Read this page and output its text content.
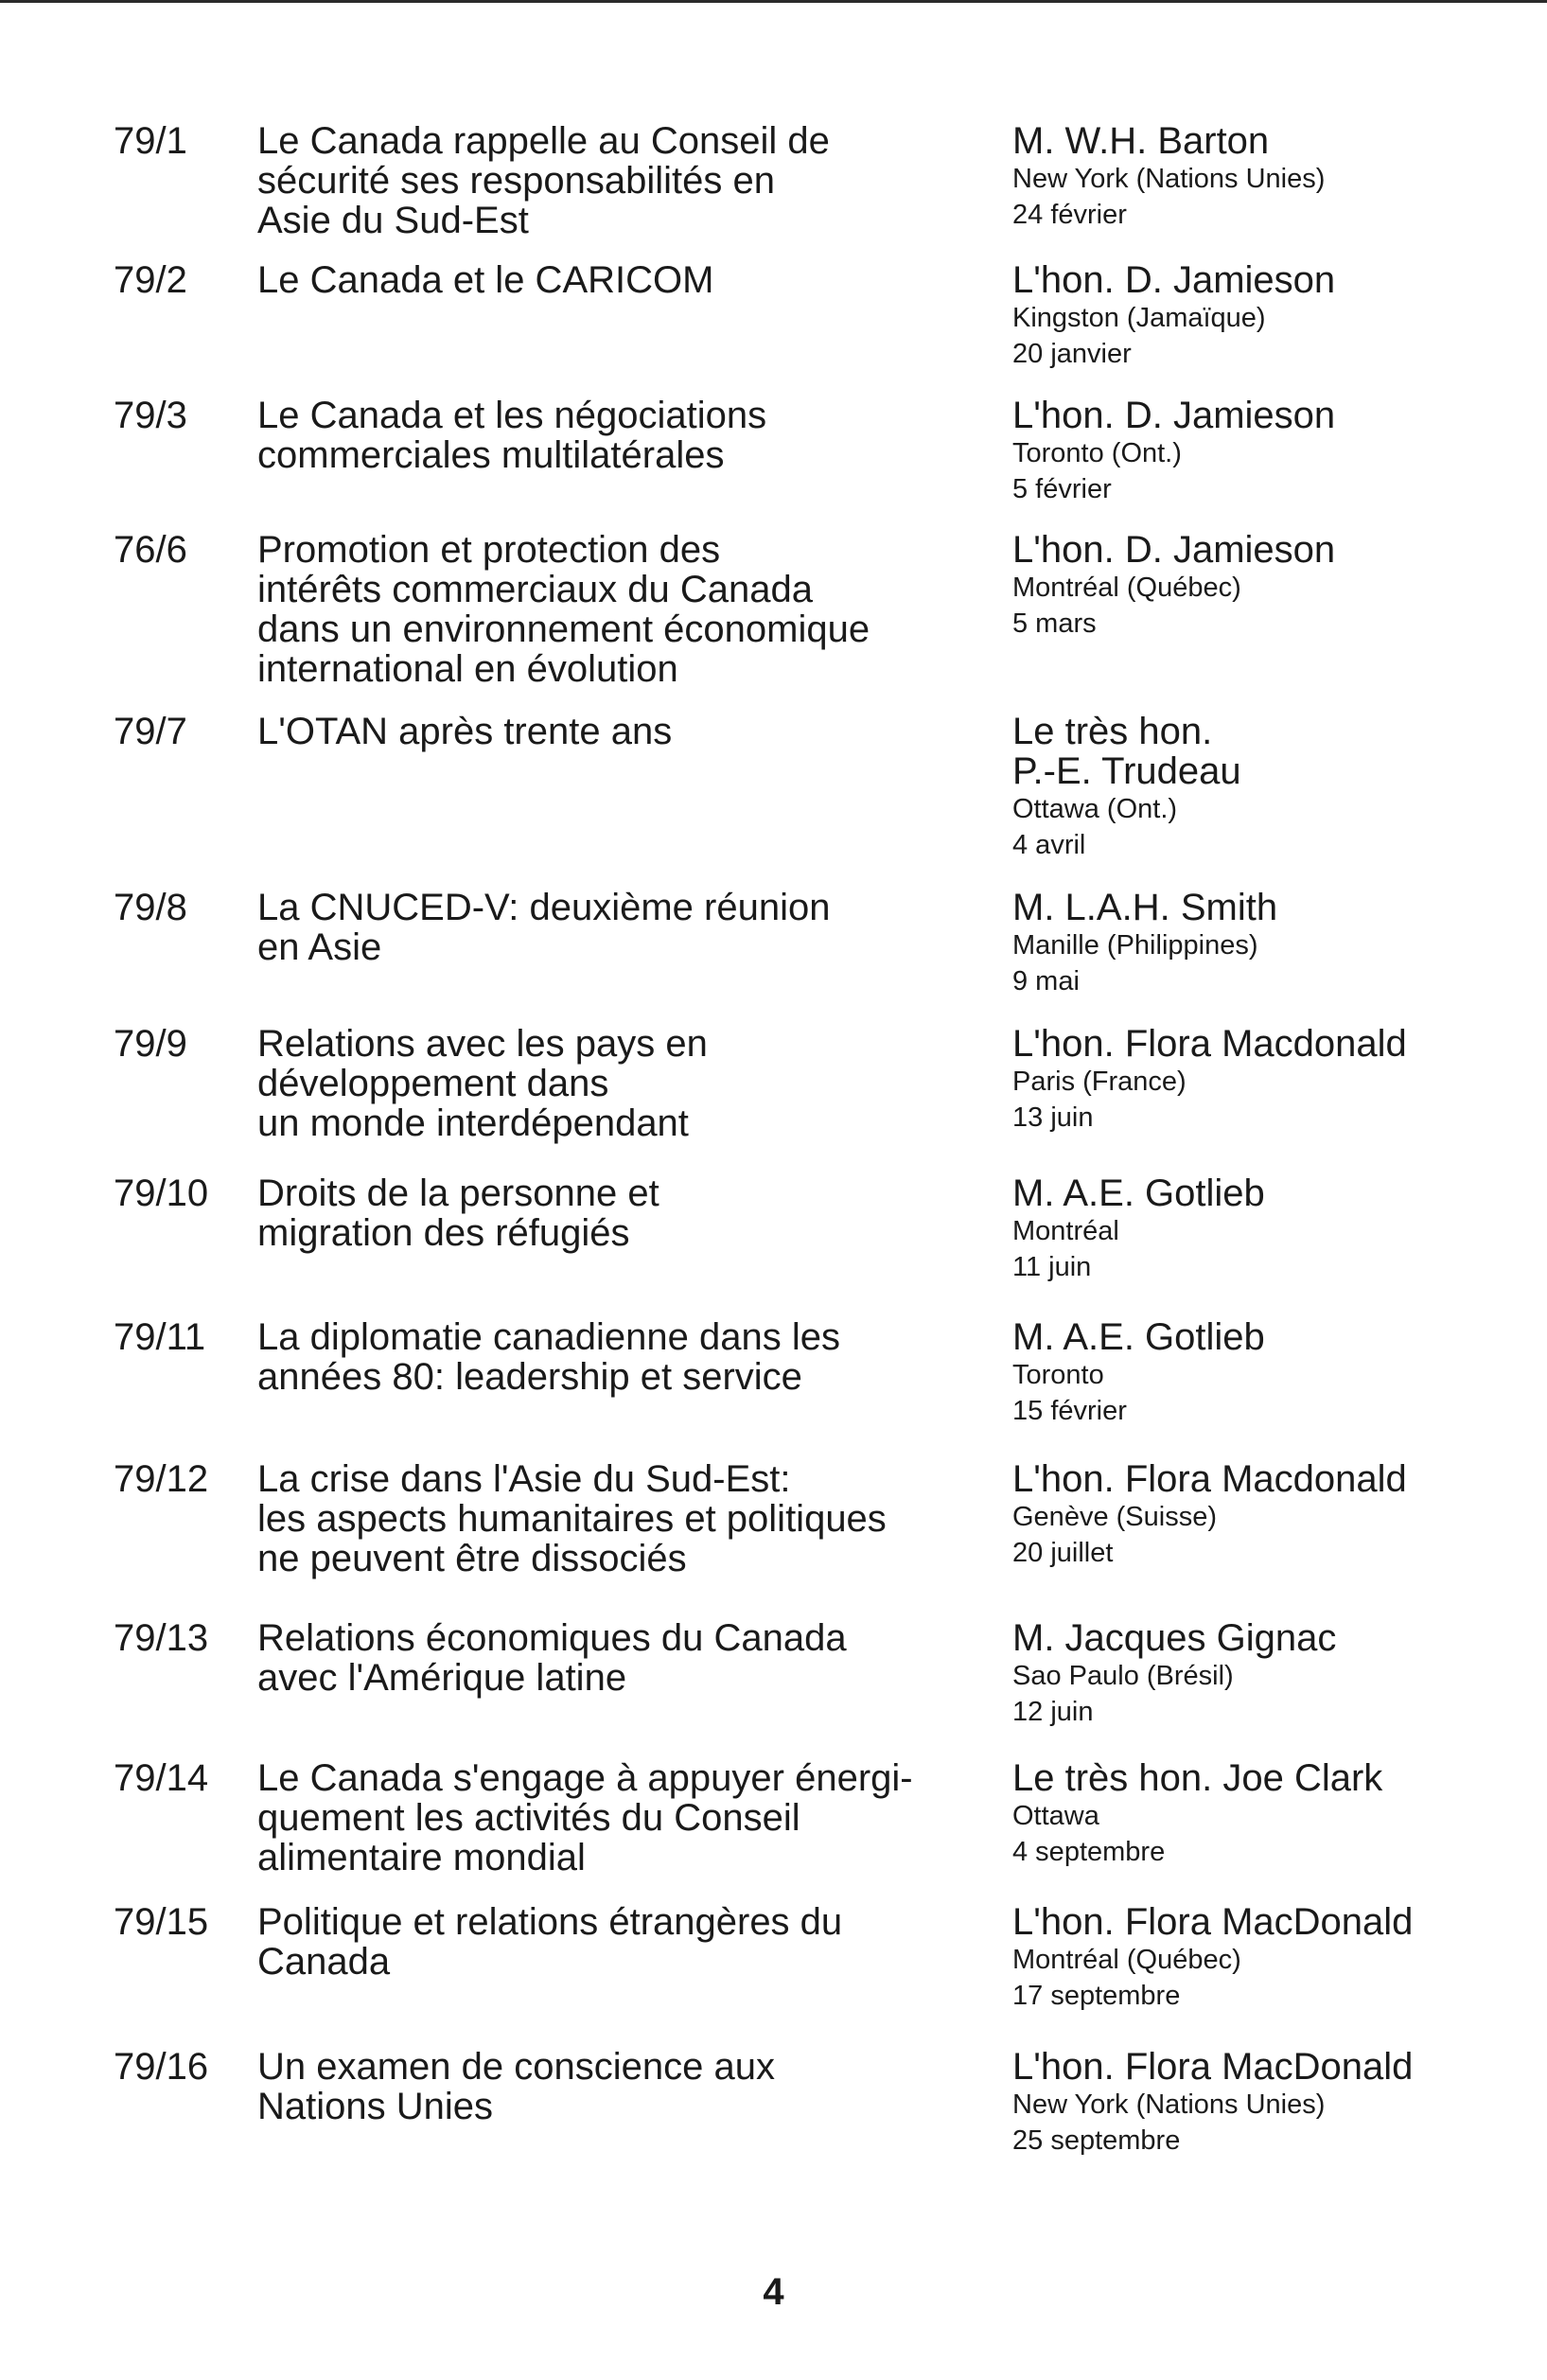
79/1 Le Canada rappelle au Conseil de
sécurité ses responsabilités en
Asie du Sud-Est
M. W.H. Barton
New York (Nations Unies)
24 février
79/2 Le Canada et le CARICOM	L'hon. D. Jamieson
Kingston (Jamaïque)
20 janvier
79/3 Le Canada et les négociations
commerciales multilatérales
L'hon. D. Jamieson
Toronto (Ont.)
5 février
76/6 Promotion et protection des
intérêts commerciaux du Canada
dans un environnement économique
international en évolution
L'hon. D. Jamieson
Montréal (Québec)
5 mars
79/7 L'OTAN après trente ans	Le très hon.
P.-E. Trudeau
Ottawa (Ont.)
4 avril
79/8 La CNUCED-V: deuxième réunion
en Asie
M. L.A.H. Smith
Manille (Philippines)
9 mai
79/9 Relations avec les pays en
développement dans
un monde interdépendant
L'hon. Flora Macdonald
Paris (France)
13 juin
79/10 Droits de la personne et
migration des réfugiés
M. A.E. Gotlieb
Montréal
11 juin
79/11 La diplomatie canadienne dans les
années 80: leadership et service
M. A.E. Gotlieb
Toronto
15 février
79/12 La crise dans l'Asie du Sud-Est:
les aspects humanitaires et politiques
ne peuvent être dissociés
L'hon. Flora Macdonald
Genève (Suisse)
20 juillet
79/13 Relations économiques du Canada
avec l'Amérique latine
M. Jacques Gignac
Sao Paulo (Brésil)
12 juin
79/14 Le Canada s'engage à appuyer énergi-
quement les activités du Conseil
alimentaire mondial
Le très hon. Joe Clark
Ottawa
4 septembre
79/15 Politique et relations étrangères du
Canada
L'hon. Flora MacDonald
Montréal (Québec)
17 septembre
79/16 Un examen de conscience aux
Nations Unies
L'hon. Flora MacDonald
New York (Nations Unies)
25 septembre
4
